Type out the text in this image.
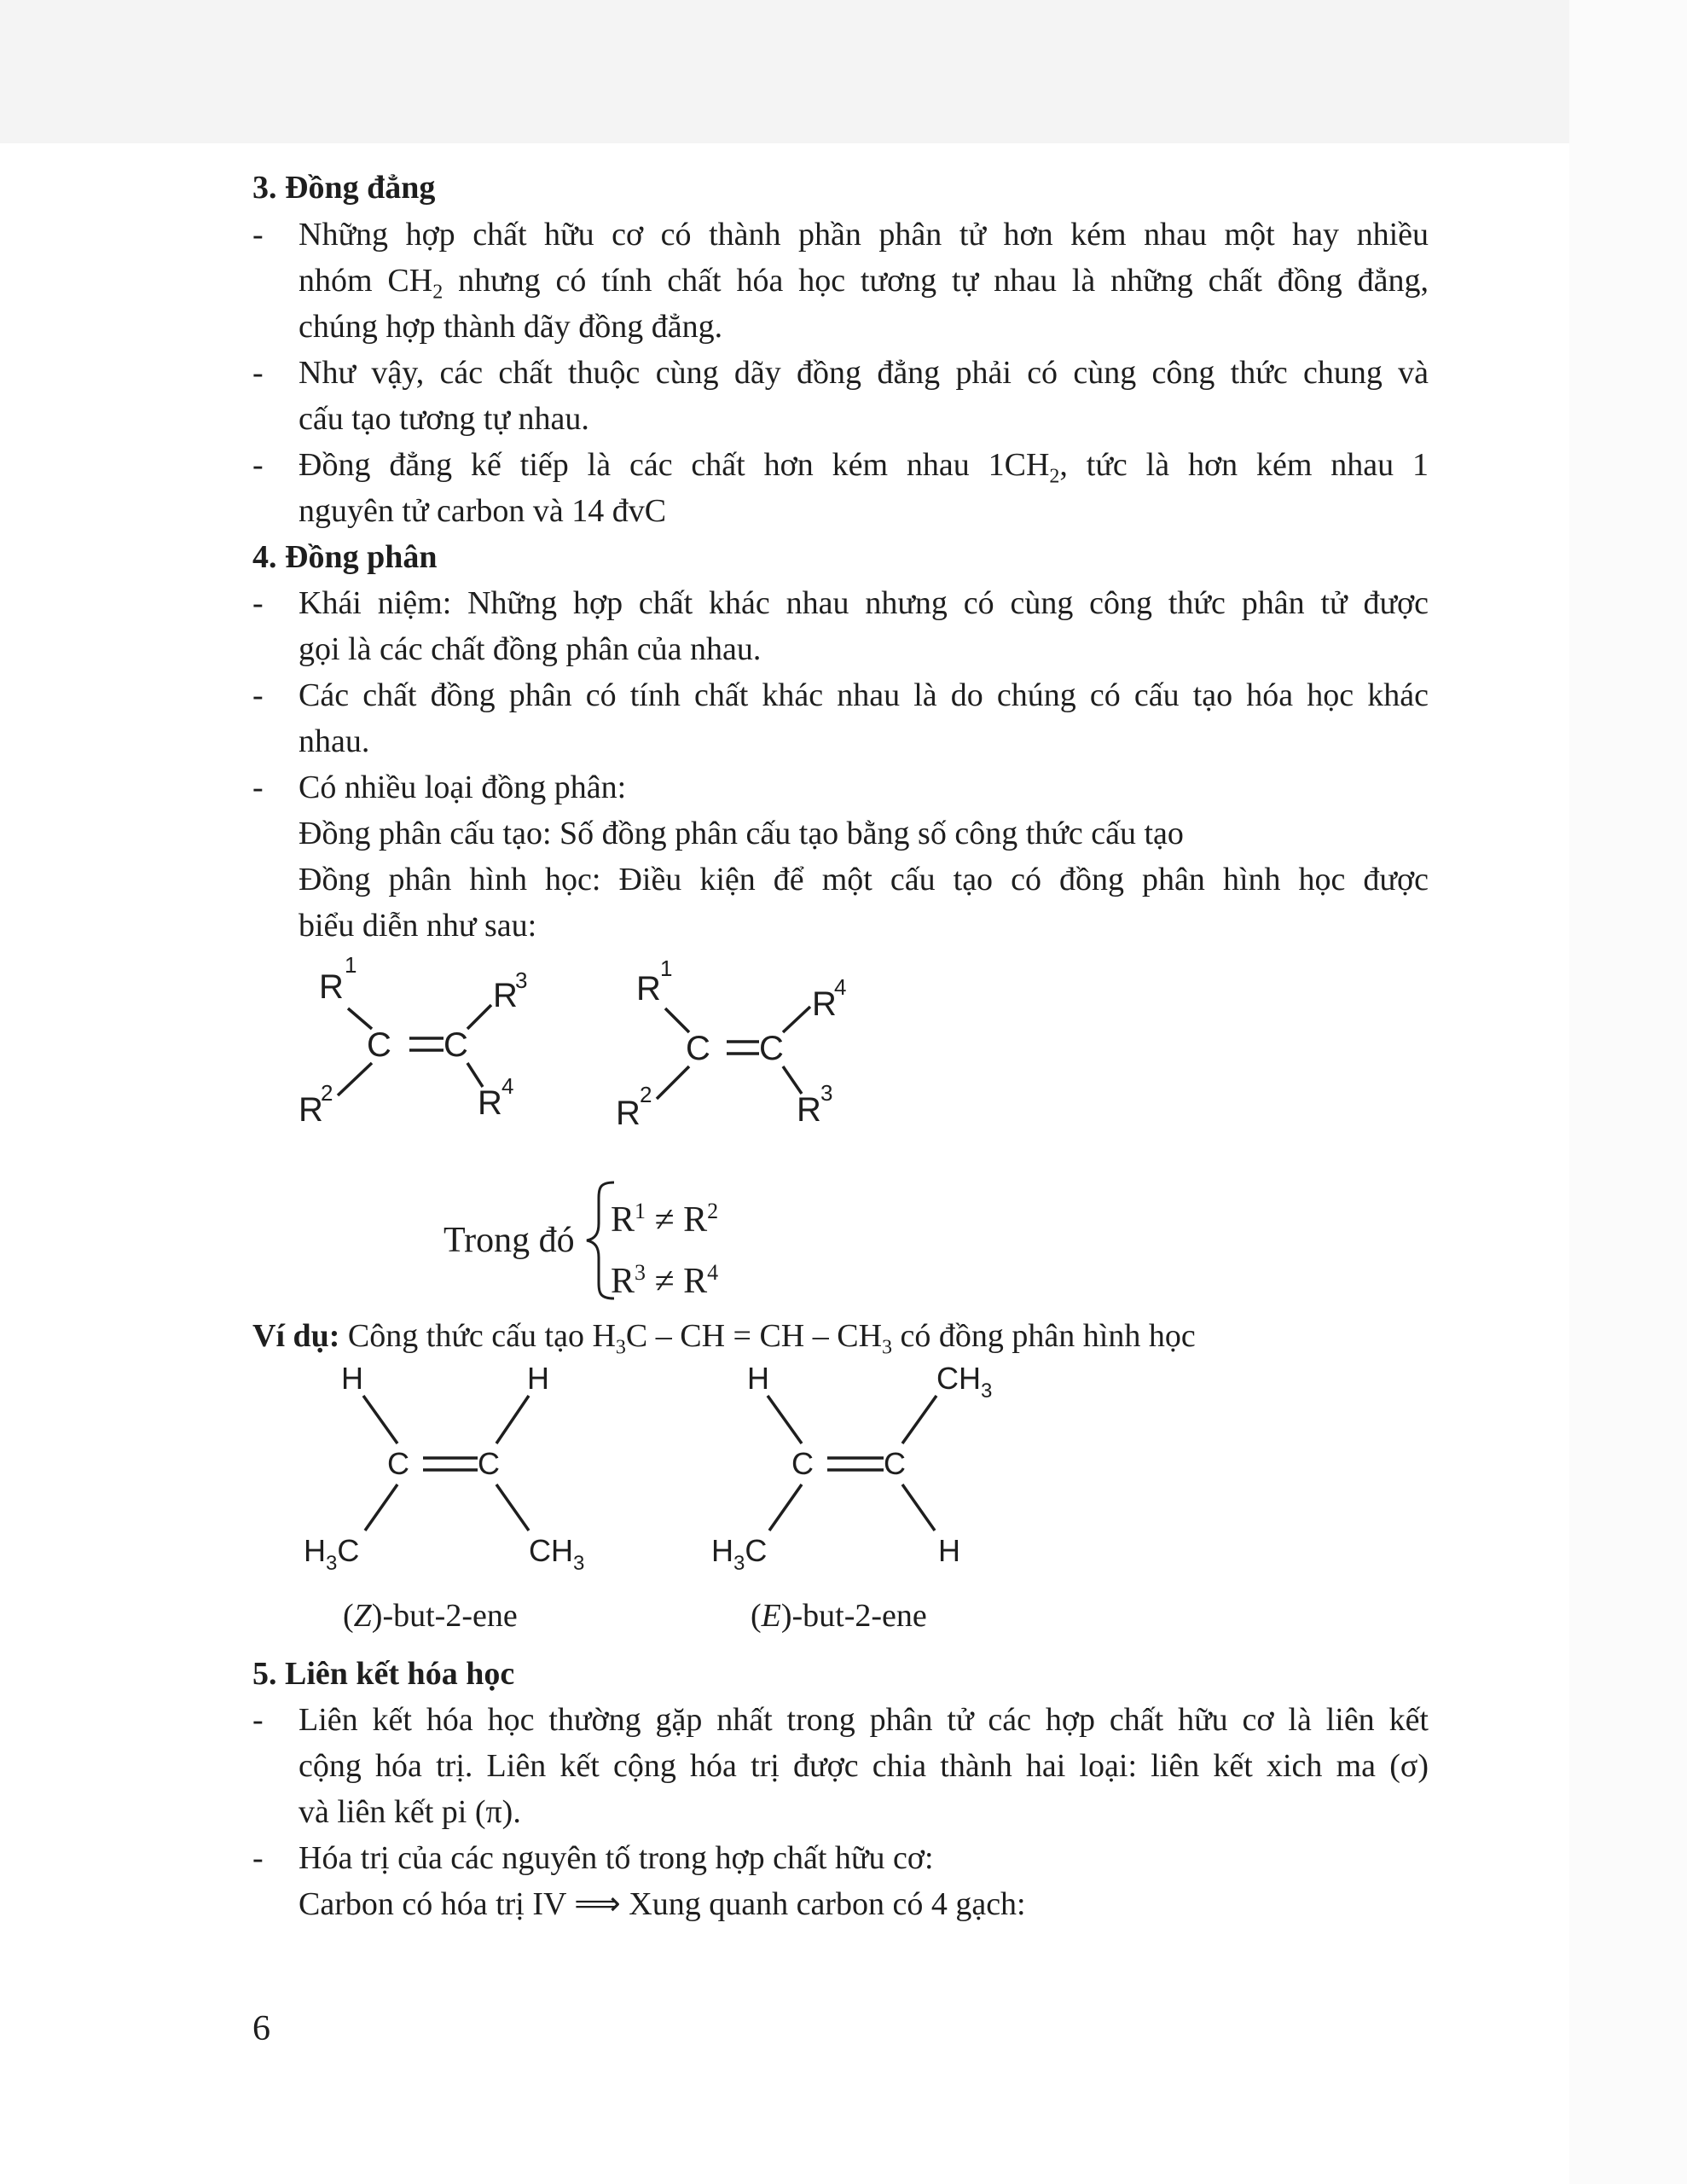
3. Đồng đẳng
- Những hợp chất hữu cơ có thành phần phân tử hơn kém nhau một hay nhiều
nhóm $CH_2$ nhưng có tính chất hóa học tương tự nhau là những chất đồng đẳng,
chúng hợp thành dãy đồng đẳng.
- Như vậy, các chất thuộc cùng dãy đồng đẳng phải có cùng công thức chung và
cấu tạo tương tự nhau.
- Đồng đẳng kế tiếp là các chất hơn kém nhau $1CH_2$, tức là hơn kém nhau 1
nguyên tử carbon và 14 đvC
4. Đồng phân
- Khái niệm: Những hợp chất khác nhau nhưng có cùng công thức phân tử được
gọi là các chất đồng phân của nhau.
- Các chất đồng phân có tính chất khác nhau là do chúng có cấu tạo hóa học khác
nhau.
- Có nhiều loại đồng phân:
Đồng phân cấu tạo: Số đồng phân cấu tạo bằng số công thức cấu tạo
Đồng phân hình học: Điều kiện để một cấu tạo có đồng phân hình học được
biểu diễn như sau:
R
1
C C
R
3
R
2	R 4
R
1
C C
R
4
R 2	R 3
H	H
C C
$H_3C$	$CH_3$
H	$CH_3$
C C
$H_3C$	H
Trong đó
$R^1 \ne R^2$
$R^3 \ne R^4$
Ví dụ: Công thức cấu tạo $H_3C$ – CH = CH – $CH_3$ có đồng phân hình học
(Z)-but-2-ene	(E)-but-2-ene
5. Liên kết hóa học
- Liên kết hóa học thường gặp nhất trong phân tử các hợp chất hữu cơ là liên kết
cộng hóa trị. Liên kết cộng hóa trị được chia thành hai loại: liên kết xich ma (σ)
và liên kết pi (π).
- Hóa trị của các nguyên tố trong hợp chất hữu cơ:
Carbon có hóa trị IV ⟹ Xung quanh carbon có 4 gạch:
6
